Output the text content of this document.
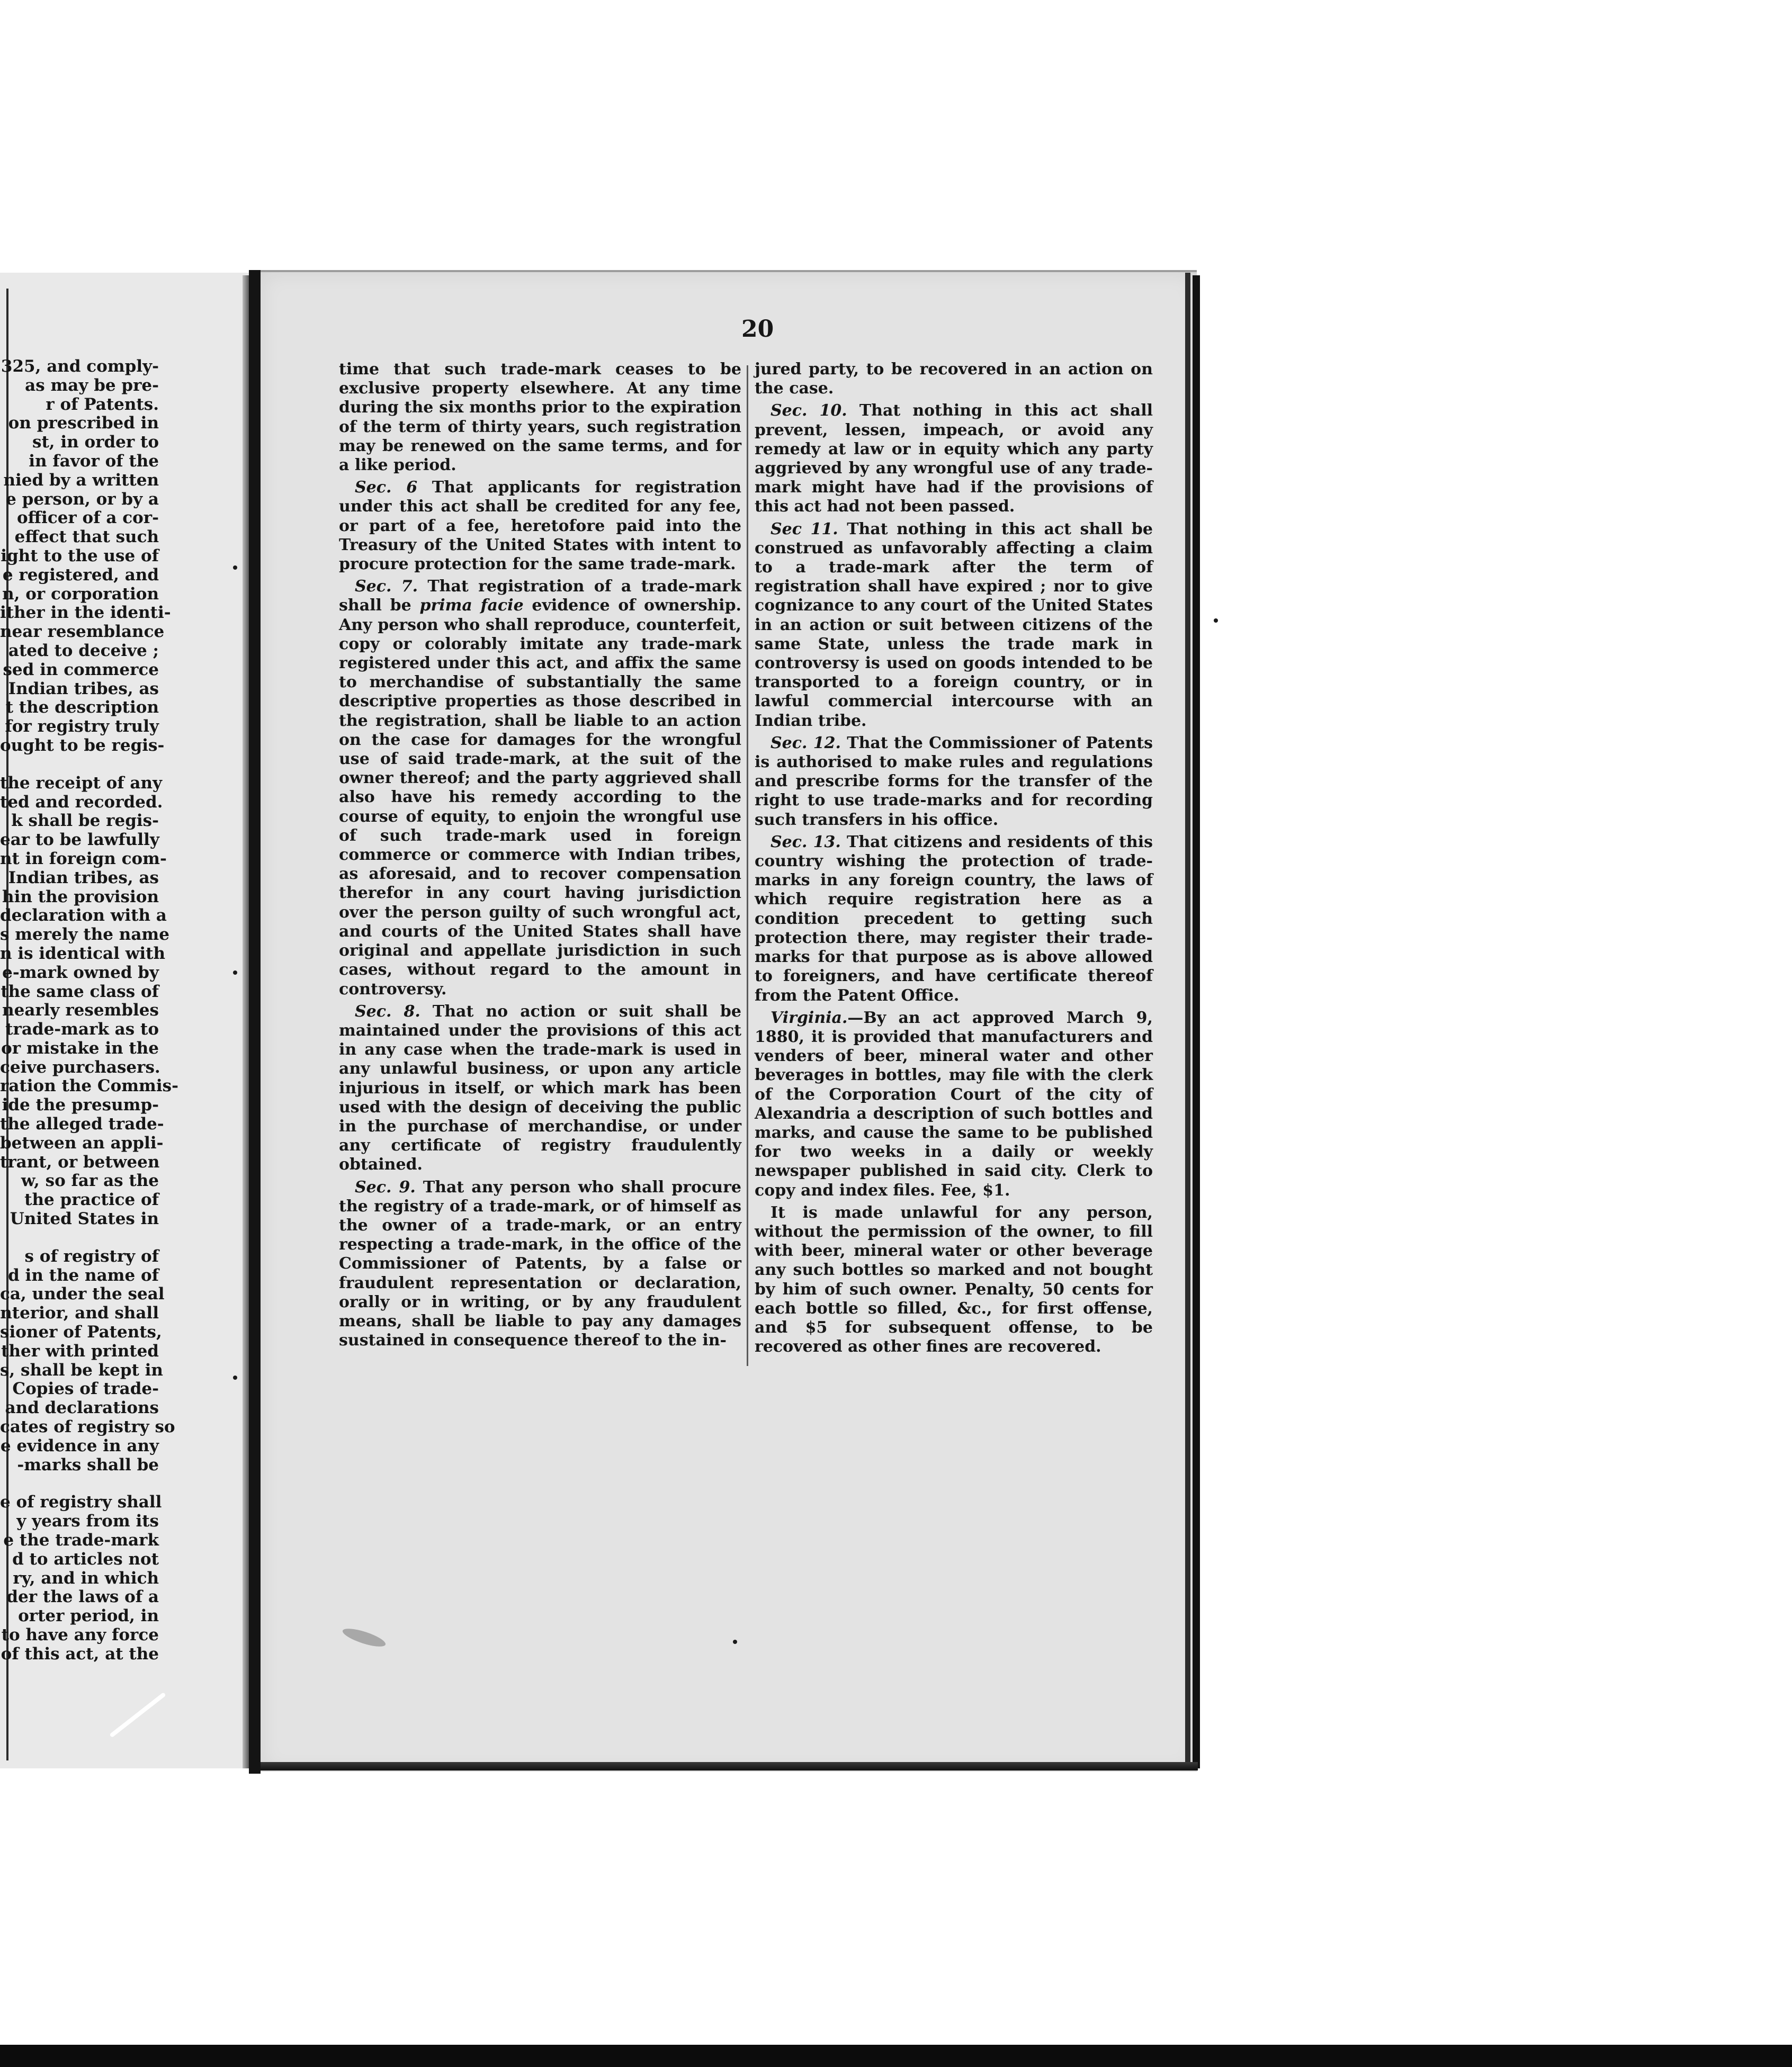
325, and comply-
as may be pre-
r of Patents.
on prescribed in
st, in order to
in favor of the
nied by a written
e person, or by a
officer of a cor-
effect that such
ight to the use of
e registered, and
n, or corporation
ither in the identi-
near resemblance
ated to deceive ;
sed in commerce
Indian tribes, as
t the description
for registry truly
ought to be regis-
the receipt of any
ted and recorded.
k shall be regis-
ear to be lawfully
nt in foreign com-
Indian tribes, as
hin the provision
declaration with a
s merely the name
n is identical with
e-mark owned by
the same class of
nearly resembles
trade-mark as to
or mistake in the
ceive purchasers.
ration the Commis-
ide the presump-
the alleged trade-
between an appli-
trant, or between
w, so far as the
the practice of
United States in
s of registry of
d in the name of
ca, under the seal
nterior, and shall
sioner of Patents,
ther with printed
s, shall be kept in
Copies of trade-
and declarations
cates of registry so
e evidence in any
-marks shall be
e of registry shall
y years from its
e the trade-mark
d to articles not
ry, and in which
der the laws of a
orter period, in
to have any force
of this act, at the
20

time that such trade-mark ceases to be exclusive property elsewhere. At any time during the six months prior to the expiration of the term of thirty years, such registration may be renewed on the same terms, and for a like period.

Sec. 6 That applicants for registration under this act shall be credited for any fee, or part of a fee, heretofore paid into the Treasury of the United States with intent to procure protection for the same trade-mark.

Sec. 7. That registration of a trade-mark shall be prima facie evidence of ownership. Any person who shall reproduce, counterfeit, copy or colorably imitate any trade-mark registered under this act, and affix the same to merchandise of substantially the same descriptive properties as those described in the registration, shall be liable to an action on the case for damages for the wrongful use of said trade-mark, at the suit of the owner thereof; and the party aggrieved shall also have his remedy according to the course of equity, to enjoin the wrongful use of such trade-mark used in foreign commerce or commerce with Indian tribes, as aforesaid, and to recover compensation therefor in any court having jurisdiction over the person guilty of such wrongful act, and courts of the United States shall have original and appellate jurisdiction in such cases, without regard to the amount in controversy.

Sec. 8. That no action or suit shall be maintained under the provisions of this act in any case when the trade-mark is used in any unlawful business, or upon any article injurious in itself, or which mark has been used with the design of deceiving the public in the purchase of merchandise, or under any certificate of registry fraudulently obtained.

Sec. 9. That any person who shall procure the registry of a trade-mark, or of himself as the owner of a trade-mark, or an entry respecting a trade-mark, in the office of the Commissioner of Patents, by a false or fraudulent representation or declaration, orally or in writing, or by any fraudulent means, shall be liable to pay any damages sustained in consequence thereof to the in-

jured party, to be recovered in an action on the case.

Sec. 10. That nothing in this act shall prevent, lessen, impeach, or avoid any remedy at law or in equity which any party aggrieved by any wrongful use of any trade-mark might have had if the provisions of this act had not been passed.

Sec 11. That nothing in this act shall be construed as unfavorably affecting a claim to a trade-mark after the term of registration shall have expired ; nor to give cognizance to any court of the United States in an action or suit between citizens of the same State, unless the trade mark in controversy is used on goods intended to be transported to a foreign country, or in lawful commercial intercourse with an Indian tribe.

Sec. 12. That the Commissioner of Patents is authorised to make rules and regulations and prescribe forms for the transfer of the right to use trade-marks and for recording such transfers in his office.

Sec. 13. That citizens and residents of this country wishing the protection of trade-marks in any foreign country, the laws of which require registration here as a condition precedent to getting such protection there, may register their trade-marks for that purpose as is above allowed to foreigners, and have certificate thereof from the Patent Office.

Virginia.—By an act approved March 9, 1880, it is provided that manufacturers and venders of beer, mineral water and other beverages in bottles, may file with the clerk of the Corporation Court of the city of Alexandria a description of such bottles and marks, and cause the same to be published for two weeks in a daily or weekly newspaper published in said city. Clerk to copy and index files. Fee, $1.

It is made unlawful for any person, without the permission of the owner, to fill with beer, mineral water or other beverage any such bottles so marked and not bought by him of such owner. Penalty, 50 cents for each bottle so filled, &c., for first offense, and $5 for subsequent offense, to be recovered as other fines are recovered.
